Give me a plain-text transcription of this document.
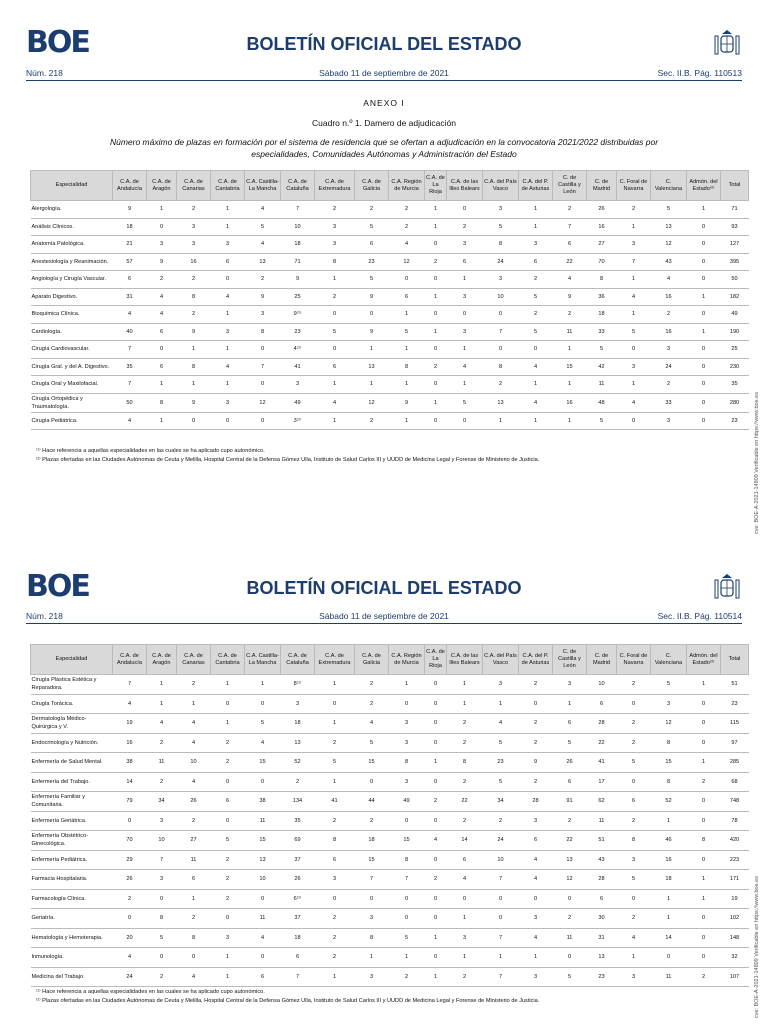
BOE	BOLETÍN OFICIAL DEL ESTADO
Núm. 218	Sábado 11 de septiembre de 2021	Sec. II.B. Pág. 110513
ANEXO I
Cuadro n.º 1. Damero de adjudicación
Número máximo de plazas en formación por el sistema de residencia que se ofertan a adjudicación en la convocatoria 2021/2022 distribuidas por especialidades, Comunidades Autónomas y Administración del Estado
Especialidad	C.A. de Andalucía	C.A. de Aragón	C.A. de Canarias	C.A. de Cantabria	C.A. Castilla-La Mancha	C.A. de Cataluña	C.A. de Extremadura	C.A. de Galicia	C.A. Región de Murcia	C.A. de La Rioja	C.A. de las Illes Balears	C.A. del País Vasco	C.A. del P. de Asturias	C. de Castilla y León	C. de Madrid	C. Foral de Navarra	C. Valenciana	Admón. del Estado⁽²⁾	Total
Alergología.	9	1	2	1	4	7	2	2	2	1	0	3	1	2	26	2	5	1	71
Análisis Clínicos.	18	0	3	1	5	10	3	5	2	1	2	5	1	7	16	1	13	0	93
Anatomía Patológica.	21	3	3	3	4	18	3	6	4	0	3	8	3	6	27	3	12	0	127
Anestesiología y Reanimación.	57	9	16	6	13	71	8	23	12	2	6	24	6	22	70	7	43	0	395
Angiología y Cirugía Vascular.	6	2	2	0	2	9	1	5	0	0	1	3	2	4	8	1	4	0	50
Aparato Digestivo.	31	4	8	4	9	25	2	9	6	1	3	10	5	9	36	4	16	1	182
Bioquímica Clínica.	4	4	2	1	3	9⁽¹⁾	0	0	1	0	0	0	2	2	18	1	2	0	49
Cardiología.	40	6	9	3	8	23	5	9	5	1	3	7	5	11	33	5	16	1	190
Cirugía Cardiovascular.	7	0	1	1	0	4⁽¹⁾	0	1	1	0	1	0	0	1	5	0	3	0	25
Cirugía Gral. y del A. Digestivo.	35	6	8	4	7	41	6	13	8	2	4	8	4	15	42	3	24	0	230
Cirugía Oral y Maxilofacial.	7	1	1	1	0	3	1	1	1	0	1	2	1	1	11	1	2	0	35
Cirugía Ortopédica y Traumatología.	50	8	9	3	12	49	4	12	9	1	5	13	4	16	48	4	33	0	280
Cirugía Pediátrica.	4	1	0	0	0	3⁽¹⁾	1	2	1	0	0	1	1	1	5	0	3	0	23
⁽¹⁾ Hace referencia a aquellas especialidades en las cuales se ha aplicado cupo autonómico.
⁽²⁾ Plazas ofertadas en las Ciudades Autónomas de Ceuta y Melilla, Hospital Central de la Defensa Gómez Ulla, Instituto de Salud Carlos III y UUDD de Medicina Legal y Forense de Ministerio de Justicia.	cve: BOE-A-2021-14809 Verificable en https://www.boe.es
BOE	BOLETÍN OFICIAL DEL ESTADO
Núm. 218	Sábado 11 de septiembre de 2021	Sec. II.B. Pág. 110514
Especialidad	C.A. de Andalucía	C.A. de Aragón	C.A. de Canarias	C.A. de Cantabria	C.A. Castilla-La Mancha	C.A. de Cataluña	C.A. de Extremadura	C.A. de Galicia	C.A. Región de Murcia	C.A. de La Rioja	C.A. de las Illes Balears	C.A. del País Vasco	C.A. del P. de Asturias	C. de Castilla y León	C. de Madrid	C. Foral de Navarra	C. Valenciana	Admón. del Estado⁽²⁾	Total
Cirugía Plástica Estética y Reparadora.	7	1	2	1	1	8⁽¹⁾	1	2	1	0	1	3	2	3	10	2	5	1	51
Cirugía Torácica.	4	1	1	0	0	3	0	2	0	0	1	1	0	1	6	0	3	0	23
Dermatología Médico-Quirúrgica y V.	19	4	4	1	5	18	1	4	3	0	2	4	2	6	28	2	12	0	115
Endocrinología y Nutrición.	16	2	4	2	4	13	2	5	3	0	2	5	2	5	22	2	8	0	97
Enfermería de Salud Mental.	38	11	10	2	15	52	5	15	8	1	8	23	9	26	41	5	15	1	285
Enfermería del Trabajo.	14	2	4	0	0	2	1	0	3	0	2	5	2	6	17	0	8	2	68
Enfermería Familiar y Comunitaria.	79	34	26	6	38	134	41	44	49	2	22	34	28	91	62	6	52	0	748
Enfermería Geriátrica.	0	3	2	0	11	35	2	2	0	0	2	2	3	2	11	2	1	0	78
Enfermería Obstétrico-Ginecológica.	70	10	27	5	15	69	8	18	15	4	14	24	6	22	51	8	46	8	420
Enfermería Pediátrica.	29	7	11	2	13	37	6	15	8	0	6	10	4	13	43	3	16	0	223
Farmacia Hospitalaria.	26	3	6	2	10	26	3	7	7	2	4	7	4	12	28	5	18	1	171
Farmacología Clínica.	2	0	1	2	0	6⁽¹⁾	0	0	0	0	0	0	0	0	6	0	1	1	19
Geriatría.	0	8	2	0	11	37	2	3	0	0	1	0	3	2	30	2	1	0	102
Hematología y Hemoterapia.	20	5	8	3	4	18	2	8	5	1	3	7	4	11	31	4	14	0	148
Inmunología.	4	0	0	1	0	6	2	1	1	0	1	1	1	0	13	1	0	0	32
Medicina del Trabajo.	24	2	4	1	6	7	1	3	2	1	2	7	3	5	23	3	11	2	107
⁽¹⁾ Hace referencia a aquellas especialidades en las cuales se ha aplicado cupo autonómico.
⁽²⁾ Plazas ofertadas en las Ciudades Autónomas de Ceuta y Melilla, Hospital Central de la Defensa Gómez Ulla, Instituto de Salud Carlos III y UUDD de Medicina Legal y Forense de Ministerio de Justicia.	cve: BOE-A-2021-14809 Verificable en https://www.boe.es
